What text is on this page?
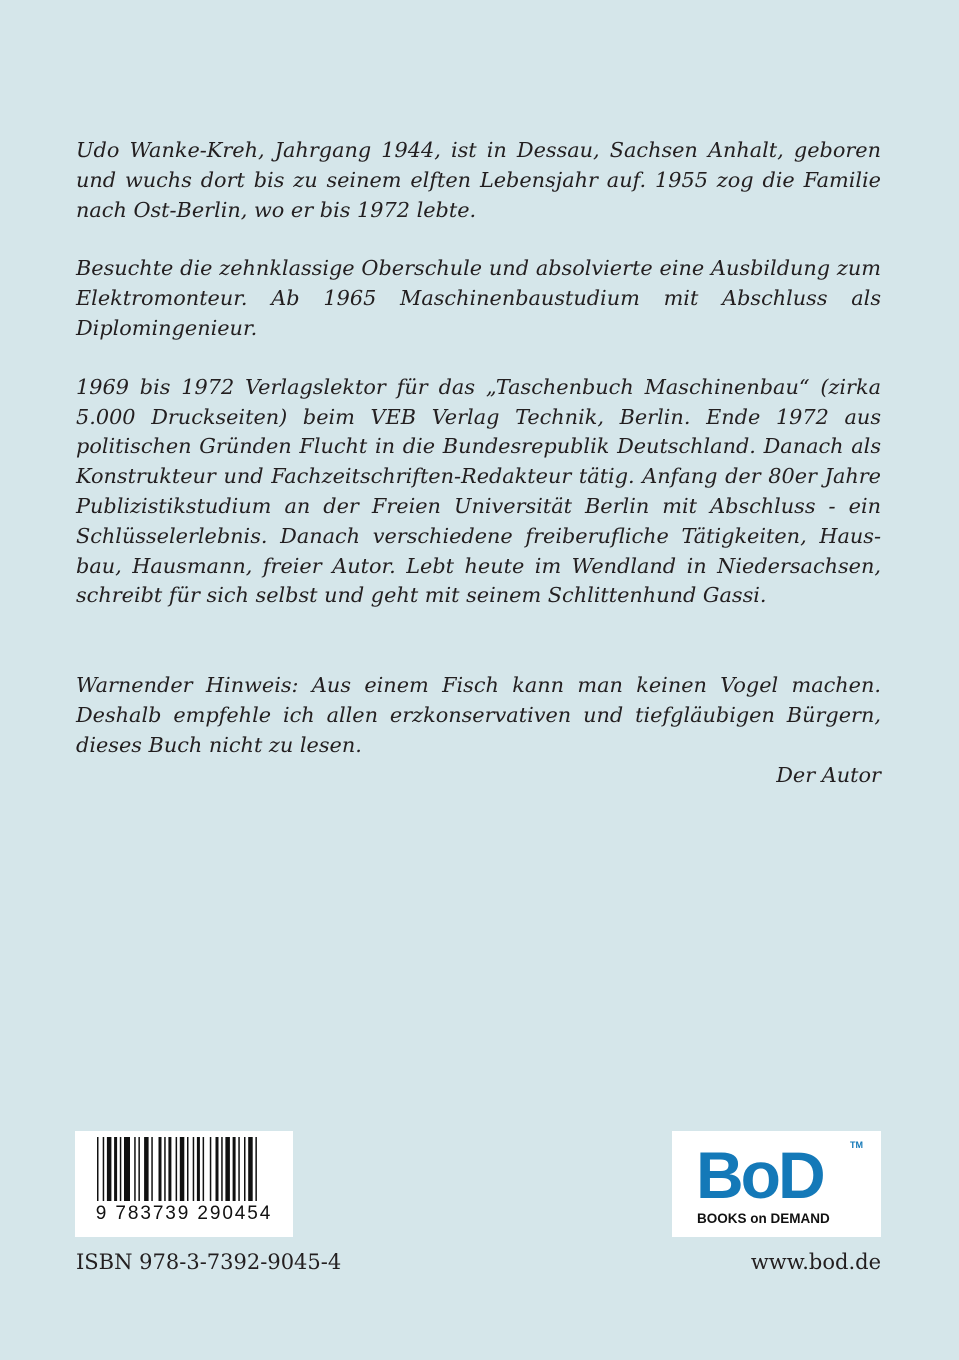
Udo Wanke-Kreh, Jahrgang 1944, ist in Dessau, Sachsen Anhalt, geboren und wuchs dort bis zu seinem elften Lebensjahr auf. 1955 zog die Familie nach Ost-Berlin, wo er bis 1972 lebte.

Besuchte die zehnklassige Oberschule und absolvierte eine Ausbildung zum Elektromonteur. Ab 1965 Maschinenbaustudium mit Abschluss als Diplomingenieur.

1969 bis 1972 Verlagslektor für das „Taschenbuch Maschinenbau“ (zirka 5.000 Druckseiten) beim VEB Verlag Technik, Berlin. Ende 1972 aus politischen Gründen Flucht in die Bundesrepublik Deutschland. Danach als Konstrukteur und Fachzeitschriften-Redakteur tätig. Anfang der 80er Jahre Publizistikstudium an der Freien Universität Berlin mit Abschluss - ein Schlüsselerlebnis. Danach verschiedene freiberufliche Tätigkeiten, Hausbau, Hausmann, freier Autor. Lebt heute im Wendland in Niedersachsen, schreibt für sich selbst und geht mit seinem Schlittenhund Gassi.

Warnender Hinweis: Aus einem Fisch kann man keinen Vogel machen. Deshalb empfehle ich allen erzkonservativen und tiefgläubigen Bürgern, dieses Buch nicht zu lesen.

Der Autor

9 783739 290454
ISBN 978-3-7392-9045-4
BoD	TM
BOOKS on DEMAND
www.bod.de
